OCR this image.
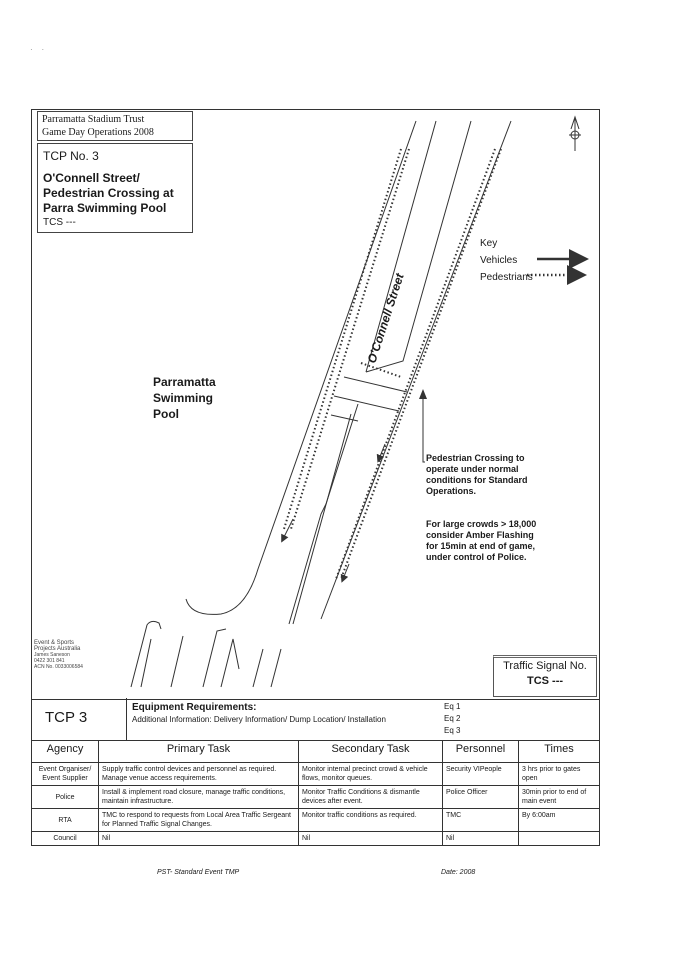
·    ·
O'Connell Street
Parramatta Stadium Trust
Game Day Operations 2008
TCP No. 3
O'Connell Street/
Pedestrian Crossing at
Parra Swimming Pool
TCS ---
Parramatta
Swimming
Pool
Key
Vehicles
Pedestrians
Pedestrian Crossing to operate under normal conditions for Standard Operations.
For large crowds > 18,000 consider Amber Flashing for 15min at end of game, under control of Police.
Traffic Signal No.
TCS ---
Event & Sports
Projects Australia
James Saneson
0422 301 841
ACN No. 0033006584
TCP 3
Equipment Requirements:
Additional Information: Delivery Information/ Dump Location/ Installation
Eq 1
Eq 2
Eq 3
Agency	Primary Task	Secondary Task	Personnel	Times
Event Organiser/ Event Supplier	Supply traffic control devices and personnel as required. Manage venue access requirements.	Monitor internal precinct crowd & vehicle flows, monitor queues.	Security VIPeople	3 hrs prior to gates open
Police	Install & implement road closure, manage traffic conditions, maintain infrastructure.	Monitor Traffic Conditions & dismantle devices after event.	Police Officer	30min prior to end of main event
RTA	TMC to respond to requests from Local Area Traffic Sergeant for Planned Traffic Signal Changes.	Monitor traffic conditions as required.	TMC	By 6:00am
Council	Nil	Nil	Nil	
PST- Standard Event TMP	Date: 2008
